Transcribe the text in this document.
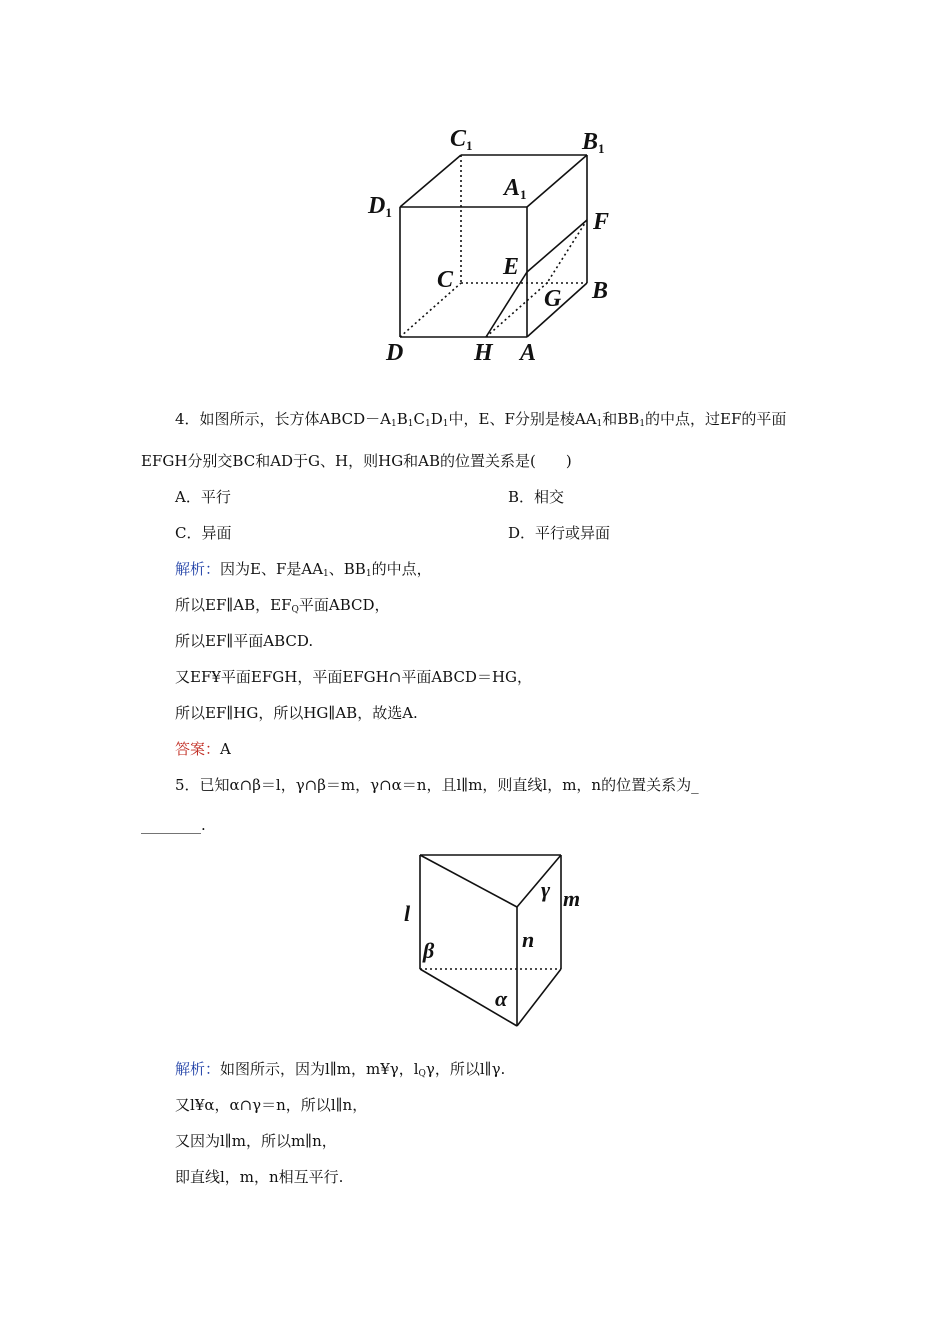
C1	B1
D1
A1
F
E
C
G B
D	H A
4．如图所示，长方体ABCD－A1B1C1D1中，E、F分别是棱AA1和BB1的中点，过EF的平面
EFGH分别交BC和AD于G、H，则HG和AB的位置关系是(　　)
A．平行	B．相交
C．异面	D．平行或异面
解析：因为E、F是AA1、BB1的中点，
所以EF∥AB，EFQ平面ABCD，
所以EF∥平面ABCD.
又EF¥平面EFGH，平面EFGH∩平面ABCD＝HG，
所以EF∥HG，所以HG∥AB，故选A.
答案：A
5．已知α∩β＝l，γ∩β＝m，γ∩α＝n，且l∥m，则直线l，m，n的位置关系为_
________.
l
γ m
n
β
α
解析：如图所示，因为l∥m，m¥γ，lQγ，所以l∥γ.
又l¥α，α∩γ＝n，所以l∥n，
又因为l∥m，所以m∥n，
即直线l，m，n相互平行.
